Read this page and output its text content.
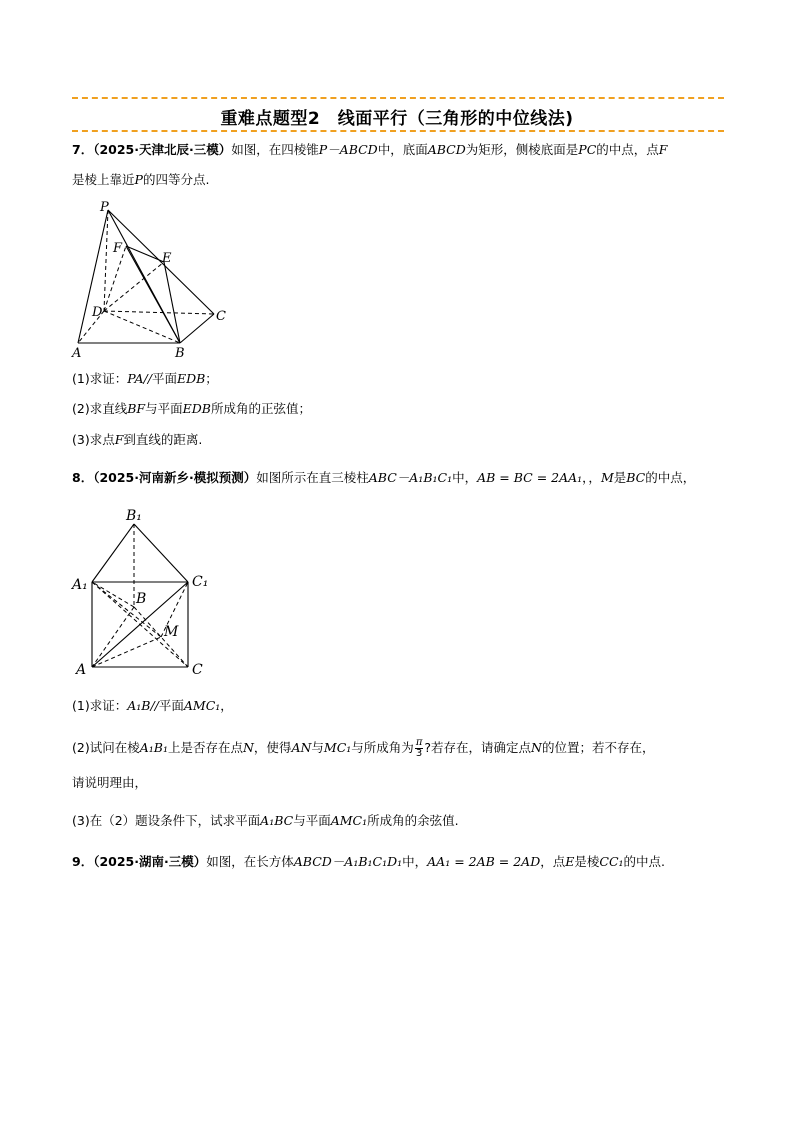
重难点题型2　线面平行（三角形的中位线法)
7．（2025·天津北辰·三模）如图，在四棱锥P－ABCD中，底面ABCD为矩形，侧棱底面是PC的中点，点F
是棱上靠近P的四等分点.
P
F
E
D	C
A	B
(1)求证：PA//平面EDB；
(2)求直线BF与平面EDB所成角的正弦值；
(3)求点F到直线的距离.
8．（2025·河南新乡·模拟预测）如图所示在直三棱柱ABC－A₁B₁C₁中，AB = BC = 2AA₁，，M是BC的中点，
B₁
A₁	C₁
B
M
A	C
(1)求证：A₁B//平面AMC₁，
(2)试问在棱A₁B₁上是否存在点N，使得AN与MC₁与所成角为 $\frac{\pi}{3}$ ?若存在，请确定点N的位置；若不存在，
请说明理由，
(3)在（2）题设条件下，试求平面A₁BC与平面AMC₁所成角的余弦值.
9．（2025·湖南·三模）如图，在长方体ABCD－A₁B₁C₁D₁中，AA₁ = 2AB = 2AD，点E是棱CC₁的中点.
